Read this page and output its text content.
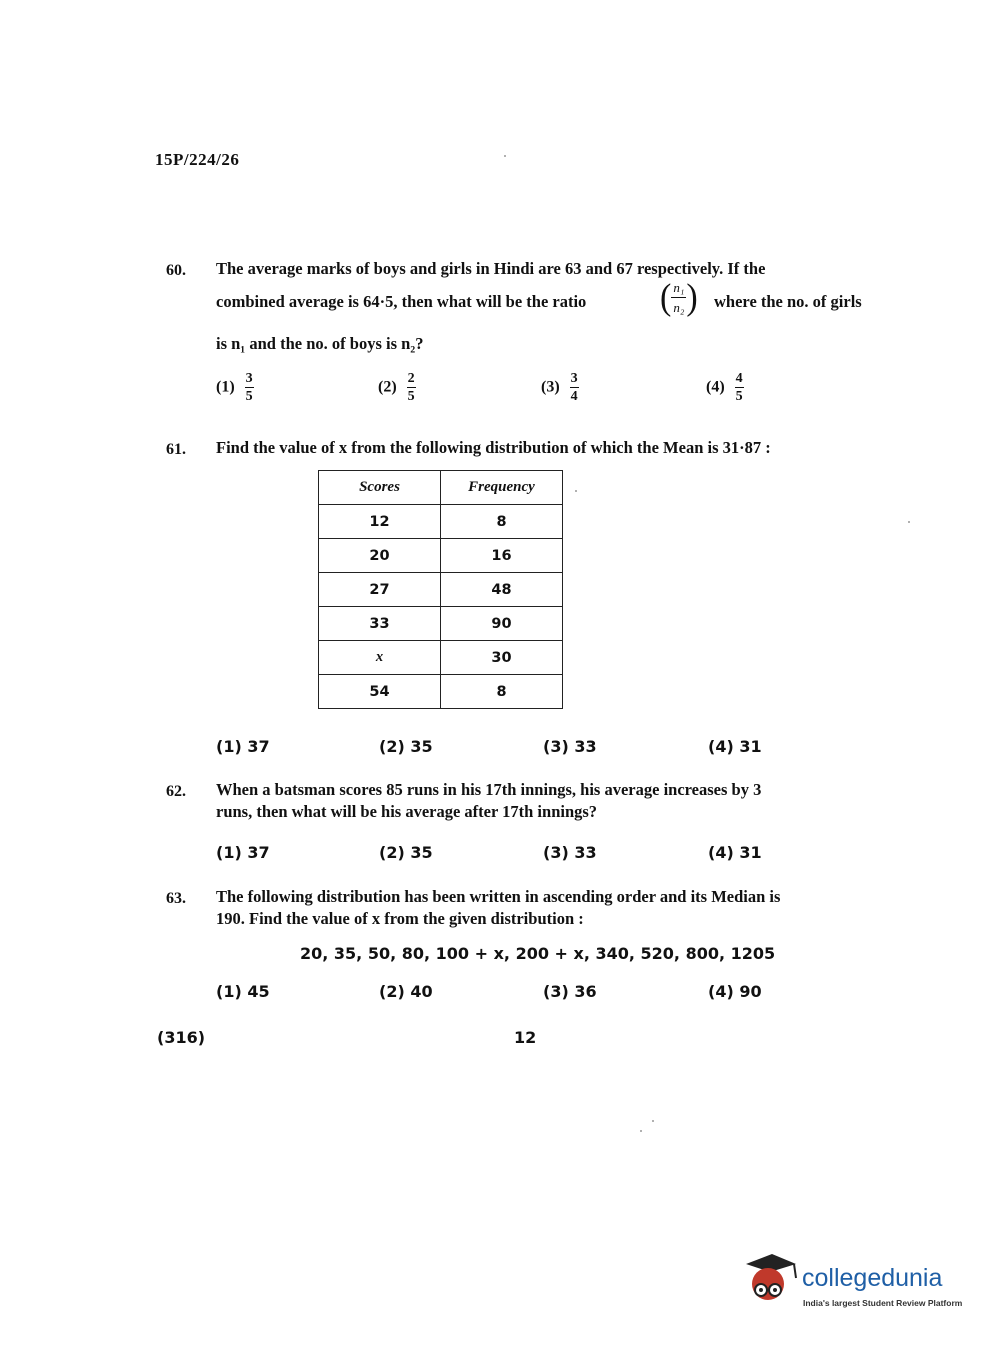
15P/224/26
60. The average marks of boys and girls in Hindi are 63 and 67 respectively. If the
combined average is 64·5, then what will be the ratio ( $\frac{\text{n₁}}{\text{n₂}}$ ) where the no. of girls
is n₁ and the no. of boys is n₂?
$(1) \frac{3}{5}$	$(2) \frac{2}{5}$	$(3) \frac{3}{4}$	$(4) \frac{4}{5}$
61. Find the value of x from the following distribution of which the Mean is 31·87 :
Scores	Frequency
12	8
20	16
27	48
33	90
x	30
54	8
(1) 37	(2) 35	(3) 33	(4) 31
62. When a batsman scores 85 runs in his 17th innings, his average increases by 3
runs, then what will be his average after 17th innings?
(1) 37	(2) 35	(3) 33	(4) 31
63. The following distribution has been written in ascending order and its Median is
190. Find the value of x from the given distribution :
20, 35, 50, 80, 100 + x, 200 + x, 340, 520, 800, 1205
(1) 45	(2) 40	(3) 36	(4) 90
(316)	12
collegedunia
India's largest Student Review Platform
